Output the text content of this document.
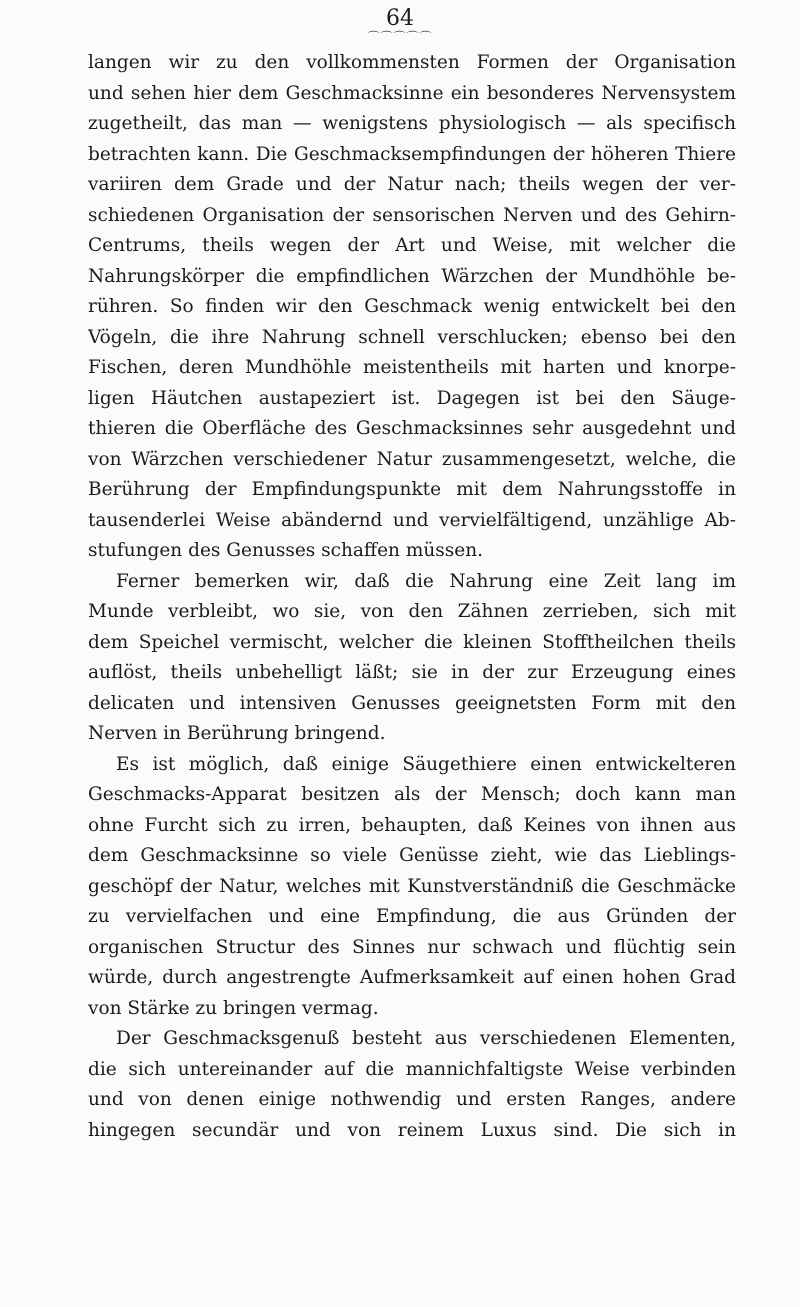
64
⌒⌒⌒⌒⌒
langen wir zu den vollkommensten Formen der Organisation
und sehen hier dem Geschmacksinne ein besonderes Nervensystem
zugetheilt, das man — wenigstens physiologisch — als specifisch
betrachten kann. Die Geschmacksempfindungen der höheren Thiere
variiren dem Grade und der Natur nach; theils wegen der ver-
schiedenen Organisation der sensorischen Nerven und des Gehirn-
Centrums, theils wegen der Art und Weise, mit welcher die
Nahrungskörper die empfindlichen Wärzchen der Mundhöhle be-
rühren. So finden wir den Geschmack wenig entwickelt bei den
Vögeln, die ihre Nahrung schnell verschlucken; ebenso bei den
Fischen, deren Mundhöhle meistentheils mit harten und knorpe-
ligen Häutchen austapeziert ist. Dagegen ist bei den Säuge-
thieren die Oberfläche des Geschmacksinnes sehr ausgedehnt und
von Wärzchen verschiedener Natur zusammengesetzt, welche, die
Berührung der Empfindungspunkte mit dem Nahrungsstoffe in
tausenderlei Weise abändernd und vervielfältigend, unzählige Ab-
stufungen des Genusses schaffen müssen.
Ferner bemerken wir, daß die Nahrung eine Zeit lang im
Munde verbleibt, wo sie, von den Zähnen zerrieben, sich mit
dem Speichel vermischt, welcher die kleinen Stofftheilchen theils
auflöst, theils unbehelligt läßt; sie in der zur Erzeugung eines
delicaten und intensiven Genusses geeignetsten Form mit den
Nerven in Berührung bringend.
Es ist möglich, daß einige Säugethiere einen entwickelteren
Geschmacks-Apparat besitzen als der Mensch; doch kann man
ohne Furcht sich zu irren, behaupten, daß Keines von ihnen aus
dem Geschmacksinne so viele Genüsse zieht, wie das Lieblings-
geschöpf der Natur, welches mit Kunstverständniß die Geschmäcke
zu vervielfachen und eine Empfindung, die aus Gründen der
organischen Structur des Sinnes nur schwach und flüchtig sein
würde, durch angestrengte Aufmerksamkeit auf einen hohen Grad
von Stärke zu bringen vermag.
Der Geschmacksgenuß besteht aus verschiedenen Elementen,
die sich untereinander auf die mannichfaltigste Weise verbinden
und von denen einige nothwendig und ersten Ranges, andere
hingegen secundär und von reinem Luxus sind. Die sich in
